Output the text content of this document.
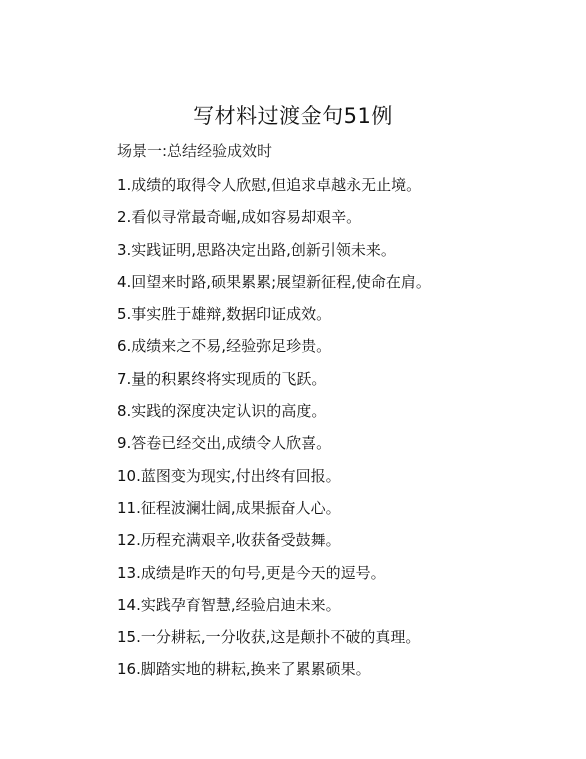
写材料过渡金句51例
场景一:总结经验成效时
1.成绩的取得令人欣慰,但追求卓越永无止境。
2.看似寻常最奇崛,成如容易却艰辛。
3.实践证明,思路决定出路,创新引领未来。
4.回望来时路,硕果累累;展望新征程,使命在肩。
5.事实胜于雄辩,数据印证成效。
6.成绩来之不易,经验弥足珍贵。
7.量的积累终将实现质的飞跃。
8.实践的深度决定认识的高度。
9.答卷已经交出,成绩令人欣喜。
10.蓝图变为现实,付出终有回报。
11.征程波澜壮阔,成果振奋人心。
12.历程充满艰辛,收获备受鼓舞。
13.成绩是昨天的句号,更是今天的逗号。
14.实践孕育智慧,经验启迪未来。
15.一分耕耘,一分收获,这是颠扑不破的真理。
16.脚踏实地的耕耘,换来了累累硕果。
